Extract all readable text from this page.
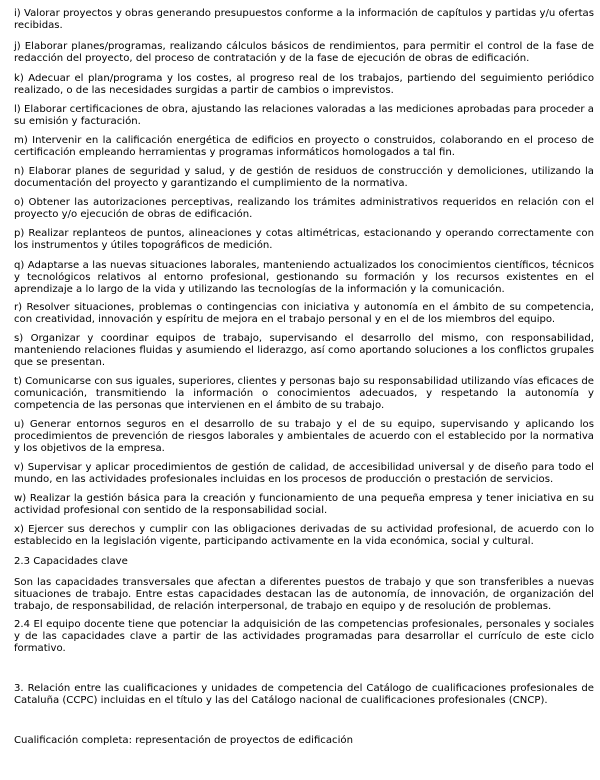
i) Valorar proyectos y obras generando presupuestos conforme a la información de capítulos y partidas y/u ofertas recibidas.

j) Elaborar planes/programas, realizando cálculos básicos de rendimientos, para permitir el control de la fase de redacción del proyecto, del proceso de contratación y de la fase de ejecución de obras de edificación.

k) Adecuar el plan/programa y los costes, al progreso real de los trabajos, partiendo del seguimiento periódico realizado, o de las necesidades surgidas a partir de cambios o imprevistos.

l) Elaborar certificaciones de obra, ajustando las relaciones valoradas a las mediciones aprobadas para proceder a su emisión y facturación.

m) Intervenir en la calificación energética de edificios en proyecto o construidos, colaborando en el proceso de certificación empleando herramientas y programas informáticos homologados a tal fin.

n) Elaborar planes de seguridad y salud, y de gestión de residuos de construcción y demoliciones, utilizando la documentación del proyecto y garantizando el cumplimiento de la normativa.

o) Obtener las autorizaciones perceptivas, realizando los trámites administrativos requeridos en relación con el proyecto y/o ejecución de obras de edificación.

p) Realizar replanteos de puntos, alineaciones y cotas altimétricas, estacionando y operando correctamente con los instrumentos y útiles topográficos de medición.

q) Adaptarse a las nuevas situaciones laborales, manteniendo actualizados los conocimientos científicos, técnicos y tecnológicos relativos al entorno profesional, gestionando su formación y los recursos existentes en el aprendizaje a lo largo de la vida y utilizando las tecnologías de la información y la comunicación.

r) Resolver situaciones, problemas o contingencias con iniciativa y autonomía en el ámbito de su competencia, con creatividad, innovación y espíritu de mejora en el trabajo personal y en el de los miembros del equipo.

s) Organizar y coordinar equipos de trabajo, supervisando el desarrollo del mismo, con responsabilidad, manteniendo relaciones fluidas y asumiendo el liderazgo, así como aportando soluciones a los conflictos grupales que se presentan.

t) Comunicarse con sus iguales, superiores, clientes y personas bajo su responsabilidad utilizando vías eficaces de comunicación, transmitiendo la información o conocimientos adecuados, y respetando la autonomía y competencia de las personas que intervienen en el ámbito de su trabajo.

u) Generar entornos seguros en el desarrollo de su trabajo y el de su equipo, supervisando y aplicando los procedimientos de prevención de riesgos laborales y ambientales de acuerdo con el establecido por la normativa y los objetivos de la empresa.

v) Supervisar y aplicar procedimientos de gestión de calidad, de accesibilidad universal y de diseño para todo el mundo, en las actividades profesionales incluidas en los procesos de producción o prestación de servicios.

w) Realizar la gestión básica para la creación y funcionamiento de una pequeña empresa y tener iniciativa en su actividad profesional con sentido de la responsabilidad social.

x) Ejercer sus derechos y cumplir con las obligaciones derivadas de su actividad profesional, de acuerdo con lo establecido en la legislación vigente, participando activamente en la vida económica, social y cultural.

2.3 Capacidades clave

Son las capacidades transversales que afectan a diferentes puestos de trabajo y que son transferibles a nuevas situaciones de trabajo. Entre estas capacidades destacan las de autonomía, de innovación, de organización del trabajo, de responsabilidad, de relación interpersonal, de trabajo en equipo y de resolución de problemas.

2.4 El equipo docente tiene que potenciar la adquisición de las competencias profesionales, personales y sociales y de las capacidades clave a partir de las actividades programadas para desarrollar el currículo de este ciclo formativo.

3. Relación entre las cualificaciones y unidades de competencia del Catálogo de cualificaciones profesionales de Cataluña (CCPC) incluidas en el título y las del Catálogo nacional de cualificaciones profesionales (CNCP).

Cualificación completa: representación de proyectos de edificación
